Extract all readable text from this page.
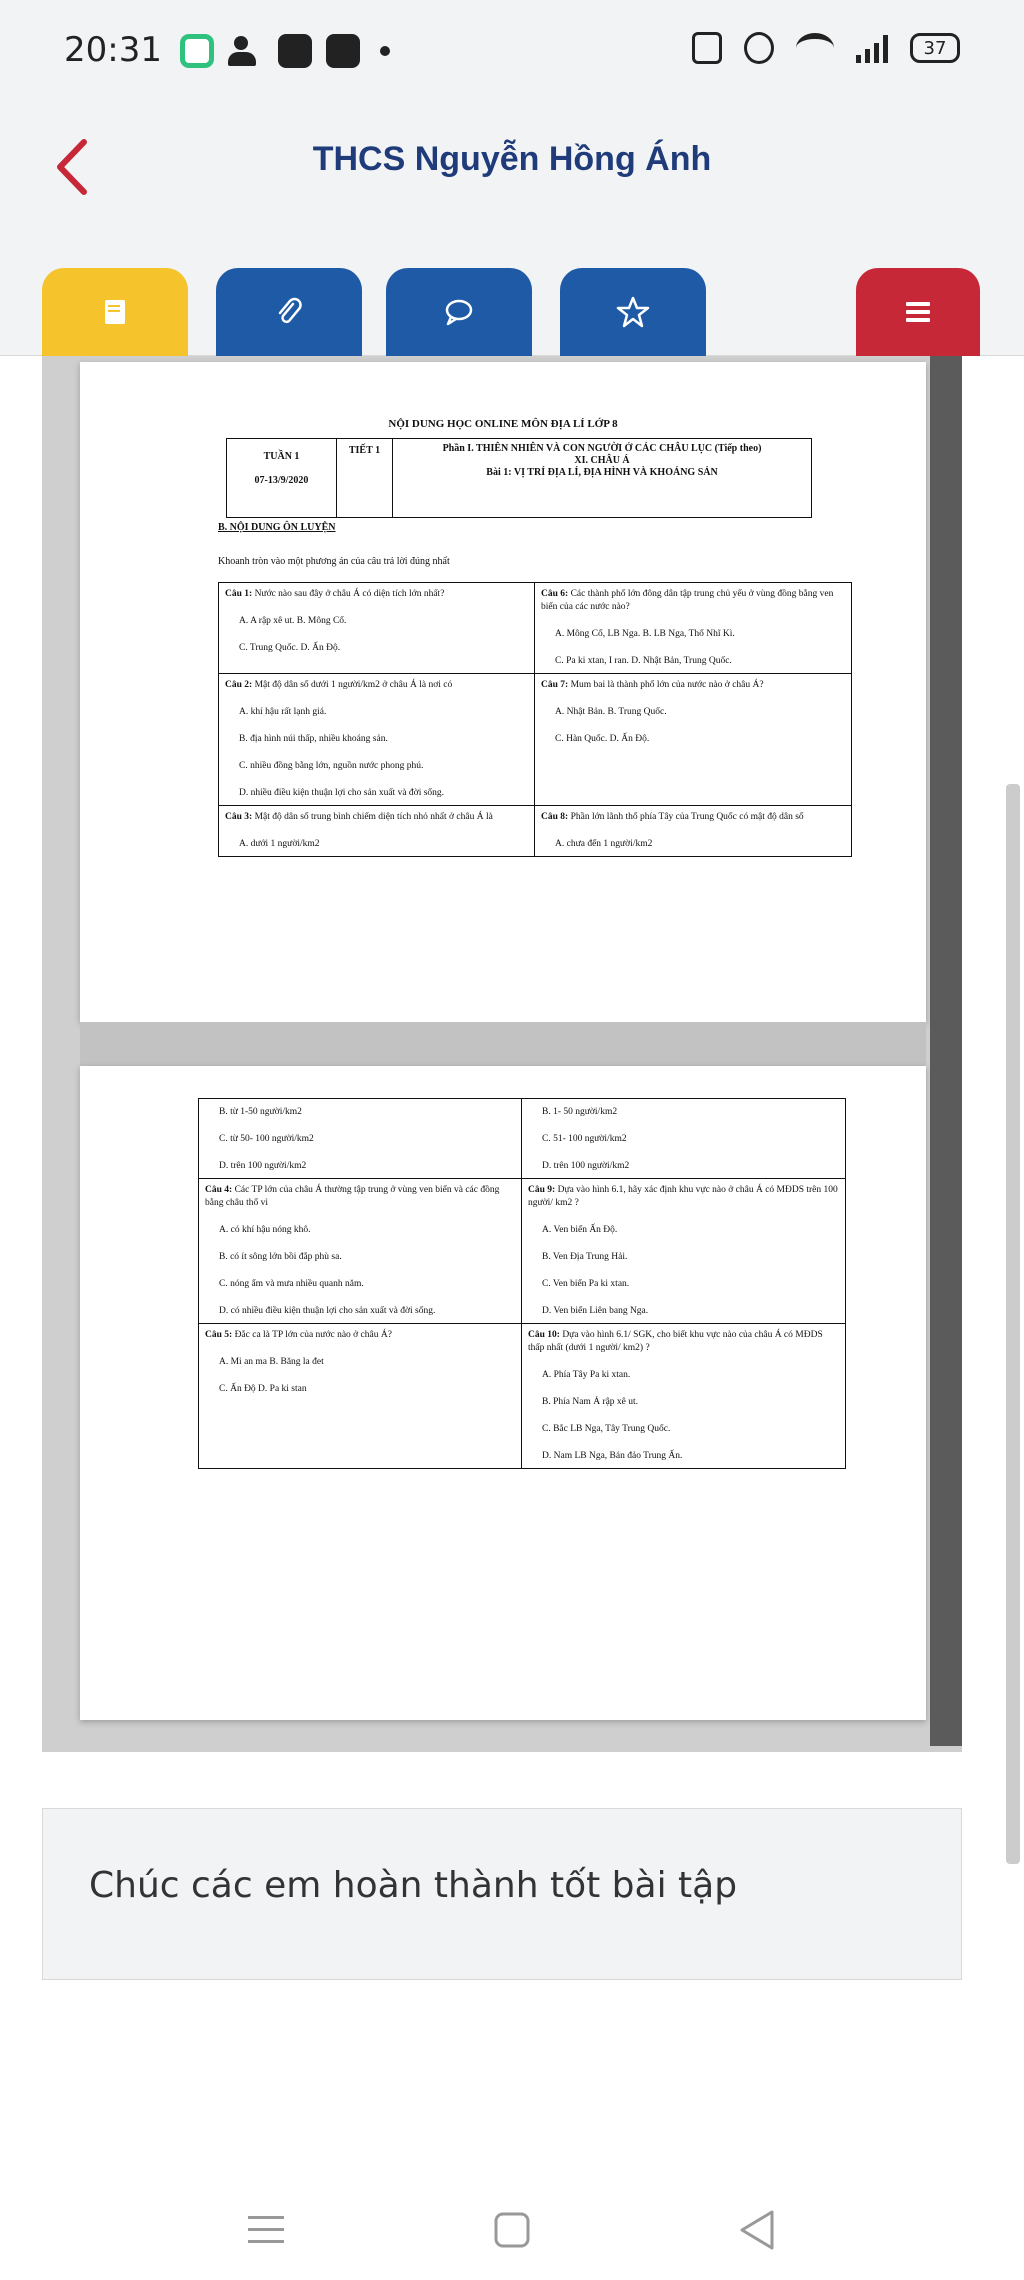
20:31	37
THCS Nguyễn Hồng Ánh
NỘI DUNG HỌC ONLINE MÔN ĐỊA LÍ LỚP 8
TUẦN 1
07-13/9/2020
TIẾT 1	Phần I. THIÊN NHIÊN VÀ CON NGƯỜI Ở CÁC CHÂU LỤC (Tiếp theo)
XI. CHÂU Á
Bài 1: VỊ TRÍ ĐỊA LÍ, ĐỊA HÌNH VÀ KHOÁNG SẢN
B. NỘI DUNG ÔN LUYỆN
Khoanh tròn vào một phương án của câu trả lời đúng nhất
Câu 1: Nước nào sau đây ở châu Á có diện tích lớn nhất?
A. A rập xê ut. B. Mông Cổ.
C. Trung Quốc. D. Ấn Độ.
Câu 6: Các thành phố lớn đông dân tập trung chủ yếu ở vùng đồng bằng ven biển của các nước nào?
A. Mông Cổ, LB Nga. B. LB Nga, Thổ Nhĩ Kì.
C. Pa ki xtan, I ran. D. Nhật Bản, Trung Quốc.
Câu 2: Mật độ dân số dưới 1 người/km2 ở châu Á là nơi có
A. khí hậu rất lạnh giá.
B. địa hình núi thấp, nhiều khoáng sản.
C. nhiều đồng bằng lớn, nguồn nước phong phú.
D. nhiều điều kiện thuận lợi cho sản xuất và đời sống.
Câu 7: Mum bai là thành phố lớn của nước nào ở châu Á?
A. Nhật Bản. B. Trung Quốc.
C. Hàn Quốc. D. Ấn Độ.
Câu 3: Mật độ dân số trung bình chiếm diện tích nhỏ nhất ở châu Á là
A. dưới 1 người/km2
Câu 8: Phần lớn lãnh thổ phía Tây của Trung Quốc có mật độ dân số
A. chưa đến 1 người/km2
B. từ 1-50 người/km2
C. từ 50- 100 người/km2
D. trên 100 người/km2
B. 1- 50 người/km2
C. 51- 100 người/km2
D. trên 100 người/km2
Câu 4: Các TP lớn của châu Á thường tập trung ở vùng ven biển và các đồng bằng châu thổ vì
A. có khí hậu nóng khô.
B. có ít sông lớn bồi đắp phù sa.
C. nóng ẩm và mưa nhiều quanh năm.
D. có nhiều điều kiện thuận lợi cho sản xuất và đời sống.
Câu 9: Dựa vào hình 6.1, hãy xác định khu vực nào ở châu Á có MĐDS trên 100 người/ km2 ?
A. Ven biển Ấn Độ.
B. Ven Địa Trung Hải.
C. Ven biển Pa ki xtan.
D. Ven biển Liên bang Nga.
Câu 5: Đắc ca là TP lớn của nước nào ở châu Á?
A. Mi an ma B. Băng la đet
C. Ấn Độ D. Pa ki stan
Câu 10: Dựa vào hình 6.1/ SGK, cho biết khu vực nào của châu Á có MĐDS thấp nhất (dưới 1 người/ km2) ?
A. Phía Tây Pa ki xtan.
B. Phía Nam Ả rập xê ut.
C. Bắc LB Nga, Tây Trung Quốc.
D. Nam LB Nga, Bán đảo Trung Ấn.
Chúc các em hoàn thành tốt bài tập
